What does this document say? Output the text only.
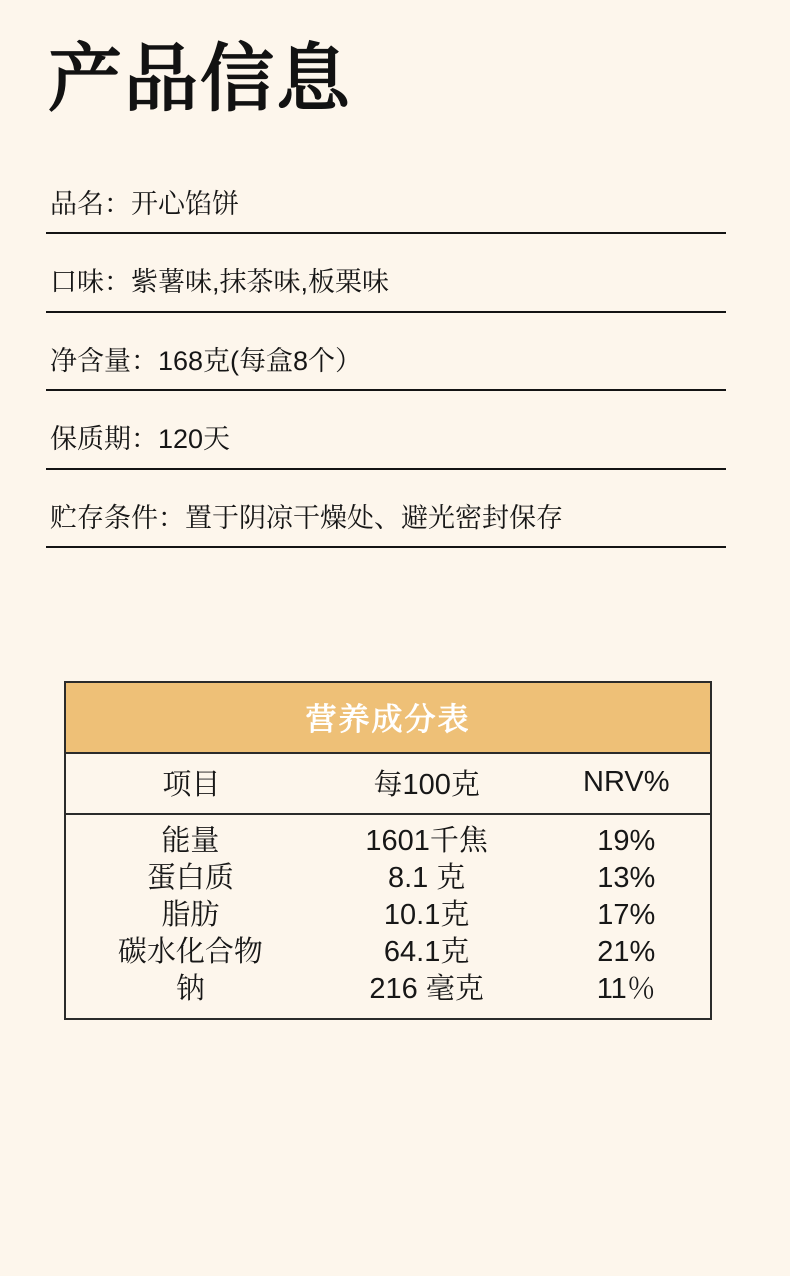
产品信息
品名：开心馅饼
口味：紫薯味,抹茶味,板栗味
净含量：168克(每盒8个）
保质期：120天
贮存条件：置于阴凉干燥处、避光密封保存
营养成分表
项目	每100克	NRV%
能量	1601千焦	19%
蛋白质	8.1 克	13%
脂肪	10.1克	17%
碳水化合物	64.1克	21%
钠	216 毫克	11％
